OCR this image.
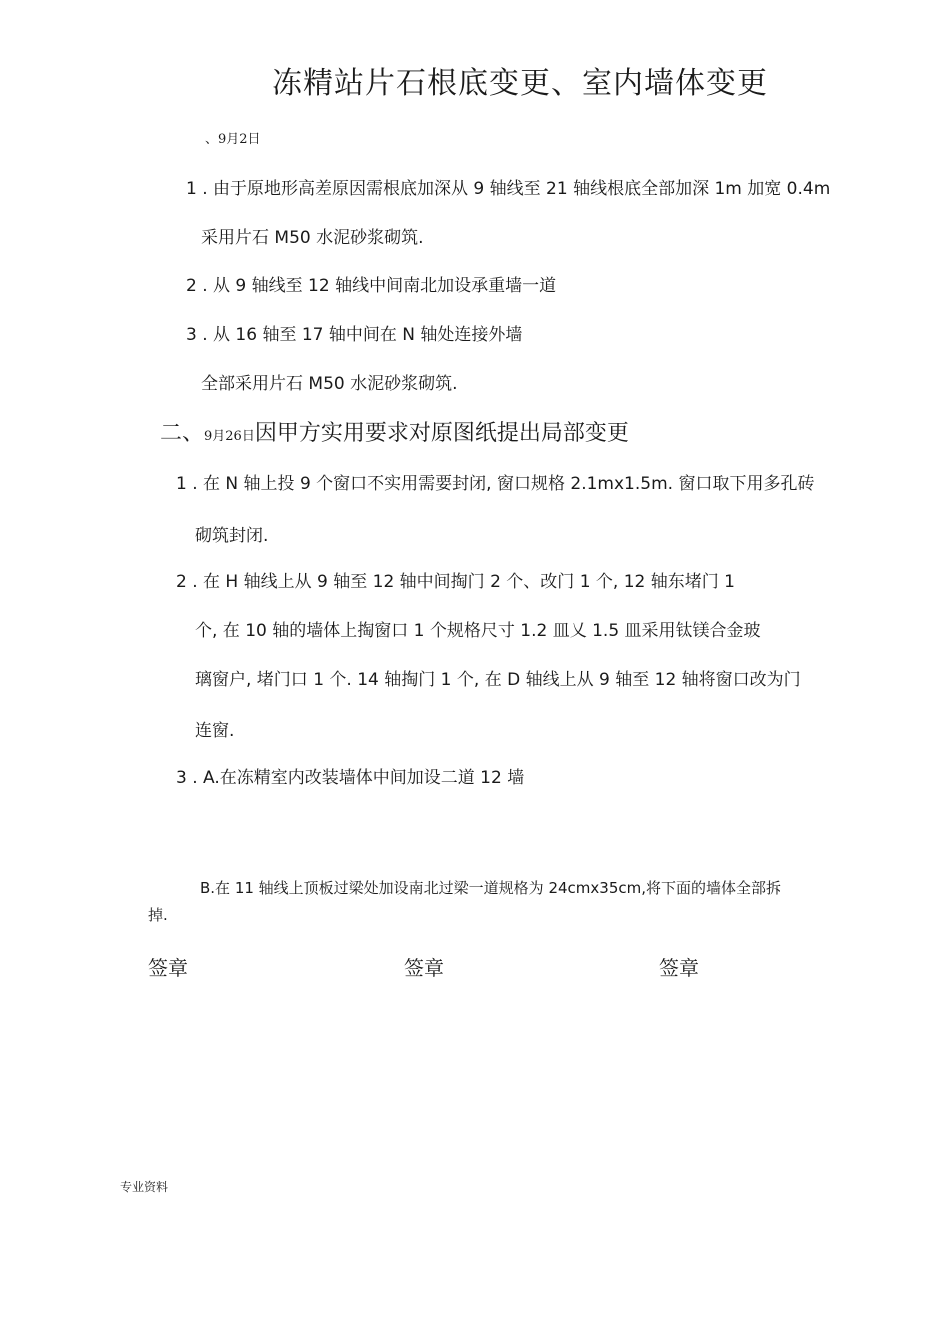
冻精站片石根底变更、室内墙体变更
、9月2日
1 . 由于原地形高差原因需根底加深从 9 轴线至 21 轴线根底全部加深 1m 加宽 0.4m
采用片石 M50 水泥砂浆砌筑.
2 . 从 9 轴线至 12 轴线中间南北加设承重墙一道
3 . 从 16 轴至 17 轴中间在 N 轴处连接外墙
全部采用片石 M50 水泥砂浆砌筑.
二、9月26日因甲方实用要求对原图纸提出局部变更
1 . 在 N 轴上投 9 个窗口不实用需要封闭, 窗口规格 2.1mx1.5m. 窗口取下用多孔砖
砌筑封闭.
2 . 在 H 轴线上从 9 轴至 12 轴中间掏门 2 个、改门 1 个, 12 轴东堵门 1
个, 在 10 轴的墙体上掏窗口 1 个规格尺寸 1.2 皿乂 1.5 皿采用钛镁合金玻
璃窗户, 堵门口 1 个. 14 轴掏门 1 个, 在 D 轴线上从 9 轴至 12 轴将窗口改为门
连窗.
3 . A.在冻精室内改装墙体中间加设二道 12 墙
B.在 11 轴线上顶板过梁处加设南北过梁一道规格为 24cmx35cm,将下面的墙体全部拆
掉.
签章	签章	签章
专业资料
